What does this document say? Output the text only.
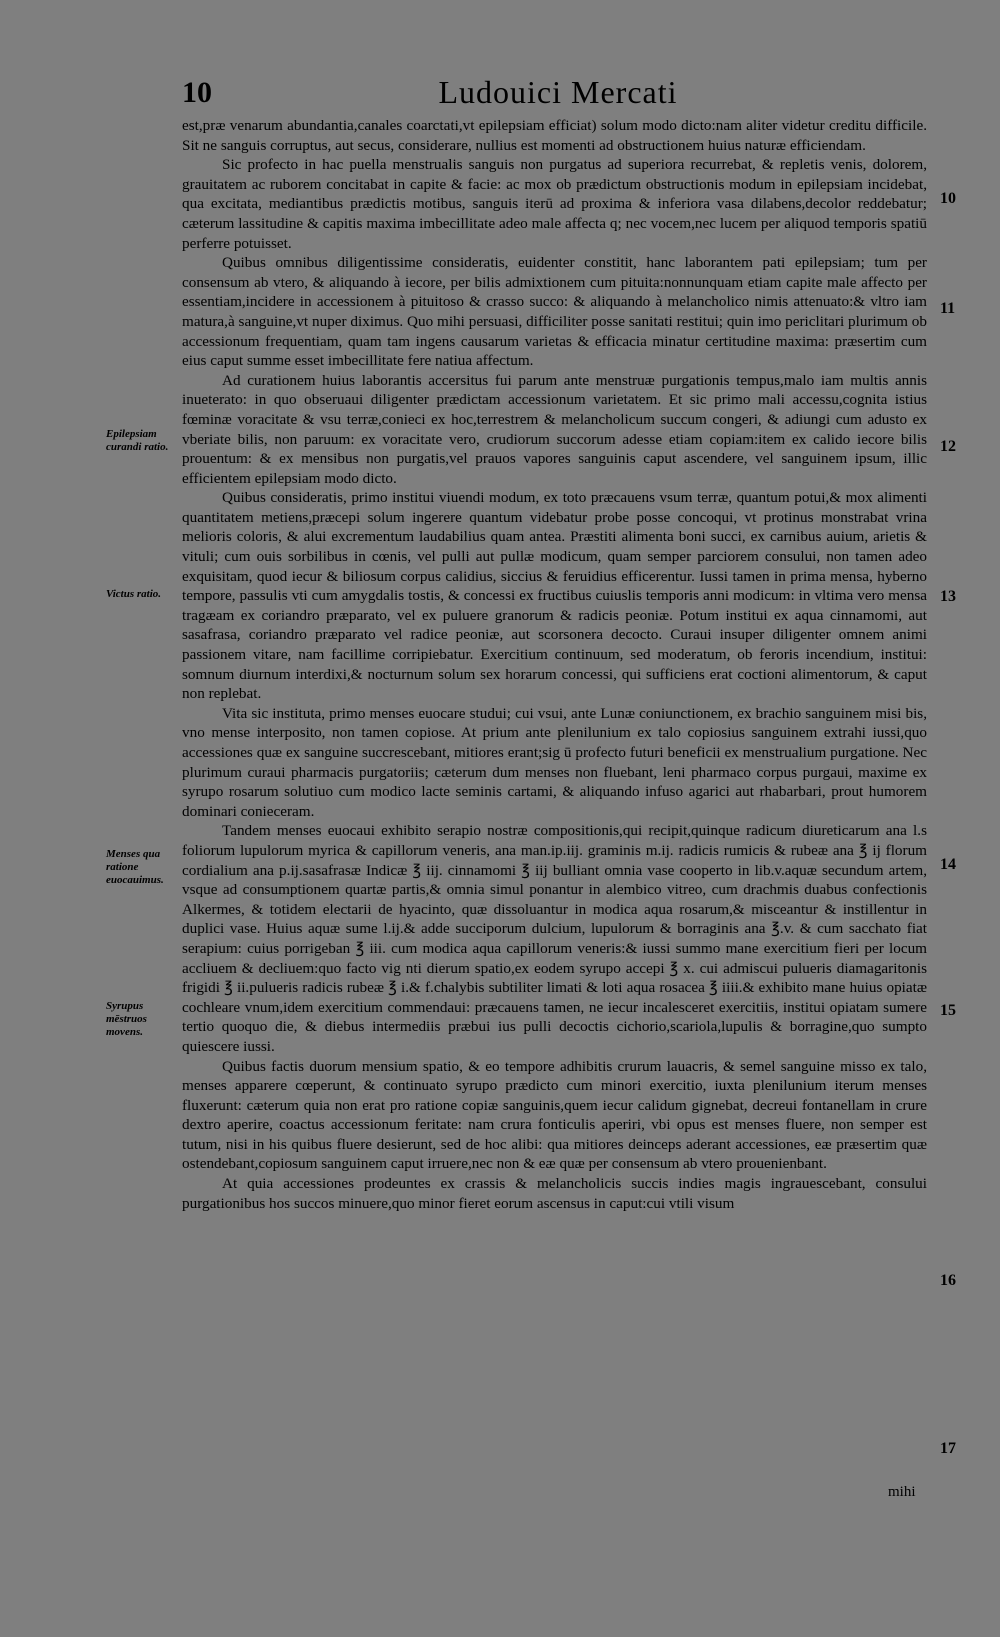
10	Ludouici Mercati

est,præ venarum abundantia,canales coarctati,vt epilepsiam efficiat) solum modo dicto:nam aliter videtur creditu difficile. Sit ne sanguis corruptus, aut secus, considerare, nullius est momenti ad obstructionem huius naturæ efficiendam.

Sic profecto in hac puella menstrualis sanguis non purgatus ad superiora recurrebat, & repletis venis, dolorem, grauitatem ac ruborem concitabat in capite & facie: ac mox ob prædictum obstructionis modum in epilepsiam incidebat, qua excitata, mediantibus prædictis motibus, sanguis iterū ad proxima & inferiora vasa dilabens,decolor reddebatur; cæterum lassitudine & capitis maxima imbecillitate adeo male affecta q; nec vocem,nec lucem per aliquod temporis spatiū perferre potuisset.

Quibus omnibus diligentissime consideratis, euidenter constitit, hanc laborantem pati epilepsiam; tum per consensum ab vtero, & aliquando à iecore, per bilis admixtionem cum pituita:nonnunquam etiam capite male affecto per essentiam,incidere in accessionem à pituitoso & crasso succo: & aliquando à melancholico nimis attenuato:& vltro iam matura,à sanguine,vt nuper diximus. Quo mihi persuasi, difficiliter posse sanitati restitui; quin imo periclitari plurimum ob accessionum frequentiam, quam tam ingens causarum varietas & efficacia minatur certitudine maxima: præsertim cum eius caput summe esset imbecillitate fere natiua affectum.

Ad curationem huius laborantis accersitus fui parum ante menstruæ purgationis tempus,malo iam multis annis inueterato: in quo obseruaui diligenter prædictam accessionum varietatem. Et sic primo mali accessu,cognita istius fœminæ voracitate & vsu terræ,conieci ex hoc,terrestrem & melancholicum succum congeri, & adiungi cum adusto ex vberiate bilis, non paruum: ex voracitate vero, crudiorum succorum adesse etiam copiam:item ex calido iecore bilis prouentum: & ex mensibus non purgatis,vel prauos vapores sanguinis caput ascendere, vel sanguinem ipsum, illic efficientem epilepsiam modo dicto.

Quibus consideratis, primo institui viuendi modum, ex toto præcauens vsum terræ, quantum potui,& mox alimenti quantitatem metiens,præcepi solum ingerere quantum videbatur probe posse concoqui, vt protinus monstrabat vrina melioris coloris, & alui excrementum laudabilius quam antea. Præstiti alimenta boni succi, ex carnibus auium, arietis & vituli; cum ouis sorbilibus in cœnis, vel pulli aut pullæ modicum, quam semper parciorem consului, non tamen adeo exquisitam, quod iecur & biliosum corpus calidius, siccius & feruidius efficerentur. Iussi tamen in prima mensa, hyberno tempore, passulis vti cum amygdalis tostis, & concessi ex fructibus cuiuslis temporis anni modicum: in vltima vero mensa tragæam ex coriandro præparato, vel ex puluere granorum & radicis peoniæ. Potum institui ex aqua cinnamomi, aut sasafrasa, coriandro præparato vel radice peoniæ, aut scorsonera decocto. Curaui insuper diligenter omnem animi passionem vitare, nam facillime corripiebatur. Exercitium continuum, sed moderatum, ob feroris incendium, institui: somnum diurnum interdixi,& nocturnum solum sex horarum concessi, qui sufficiens erat coctioni alimentorum, & caput non replebat.

Vita sic instituta, primo menses euocare studui; cui vsui, ante Lunæ coniunctionem, ex brachio sanguinem misi bis, vno mense interposito, non tamen copiose. At prium ante plenilunium ex talo copiosius sanguinem extrahi iussi,quo accessiones quæ ex sanguine succrescebant, mitiores erant;sig ū profecto futuri beneficii ex menstrualium purgatione. Nec plurimum curaui pharmacis purgatoriis; cæterum dum menses non fluebant, leni pharmaco corpus purgaui, maxime ex syrupo rosarum solutiuo cum modico lacte seminis cartami, & aliquando infuso agarici aut rhabarbari, prout humorem dominari conieceram.

Tandem menses euocaui exhibito serapio nostræ compositionis,qui recipit,quinque radicum diureticarum ana l.s foliorum lupulorum myrica & capillorum veneris, ana man.ip.iij. graminis m.ij. radicis rumicis & rubeæ ana ℥ ij florum cordialium ana p.ij.sasafrasæ Indicæ ℥ iij. cinnamomi ℥ iij bulliant omnia vase cooperto in lib.v.aquæ secundum artem, vsque ad consumptionem quartæ partis,& omnia simul ponantur in alembico vitreo, cum drachmis duabus confectionis Alkermes, & totidem electarii de hyacinto, quæ dissoluantur in modica aqua rosarum,& misceantur & instillentur in duplici vase. Huius aquæ sume l.ij.& adde succiporum dulcium, lupulorum & borraginis ana ℥.v. & cum sacchato fiat serapium: cuius porrigeban ℥ iii. cum modica aqua capillorum veneris:& iussi summo mane exercitium fieri per locum accliuem & decliuem:quo facto vig nti dierum spatio,ex eodem syrupo accepi ℥ x. cui admiscui pulueris diamagaritonis frigidi ℥ ii.pulueris radicis rubeæ ℥ i.& f.chalybis subtiliter limati & loti aqua rosacea ℥ iiii.& exhibito mane huius opiatæ cochleare vnum,idem exercitium commendaui: præcauens tamen, ne iecur incalesceret exercitiis, institui opiatam sumere tertio quoquo die, & diebus intermediis præbui ius pulli decoctis cichorio,scariola,lupulis & borragine,quo sumpto quiescere iussi.

Quibus factis duorum mensium spatio, & eo tempore adhibitis crurum lauacris, & semel sanguine misso ex talo, menses apparere cœperunt, & continuato syrupo prædicto cum minori exercitio, iuxta plenilunium iterum menses fluxerunt: cæterum quia non erat pro ratione copiæ sanguinis,quem iecur calidum gignebat, decreui fontanellam in crure dextro aperire, coactus accessionum feritate: nam crura fonticulis aperiri, vbi opus est menses fluere, non semper est tutum, nisi in his quibus fluere desierunt, sed de hoc alibi: qua mitiores deinceps aderant accessiones, eæ præsertim quæ ostendebant,copiosum sanguinem caput irruere,nec non & eæ quæ per consensum ab vtero prouenienbant.

At quia accessiones prodeuntes ex crassis & melancholicis succis indies magis ingrauescebant, consului purgationibus hos succos minuere,quo minor fieret eorum ascensus in caput:cui vtili visum

mihi
Epilepsiam curandi ratio.
Victus ratio.
Menses qua ratione euocauimus.
Syrupus mēstruos movens.
10
11
12
13
14
15
16
17
